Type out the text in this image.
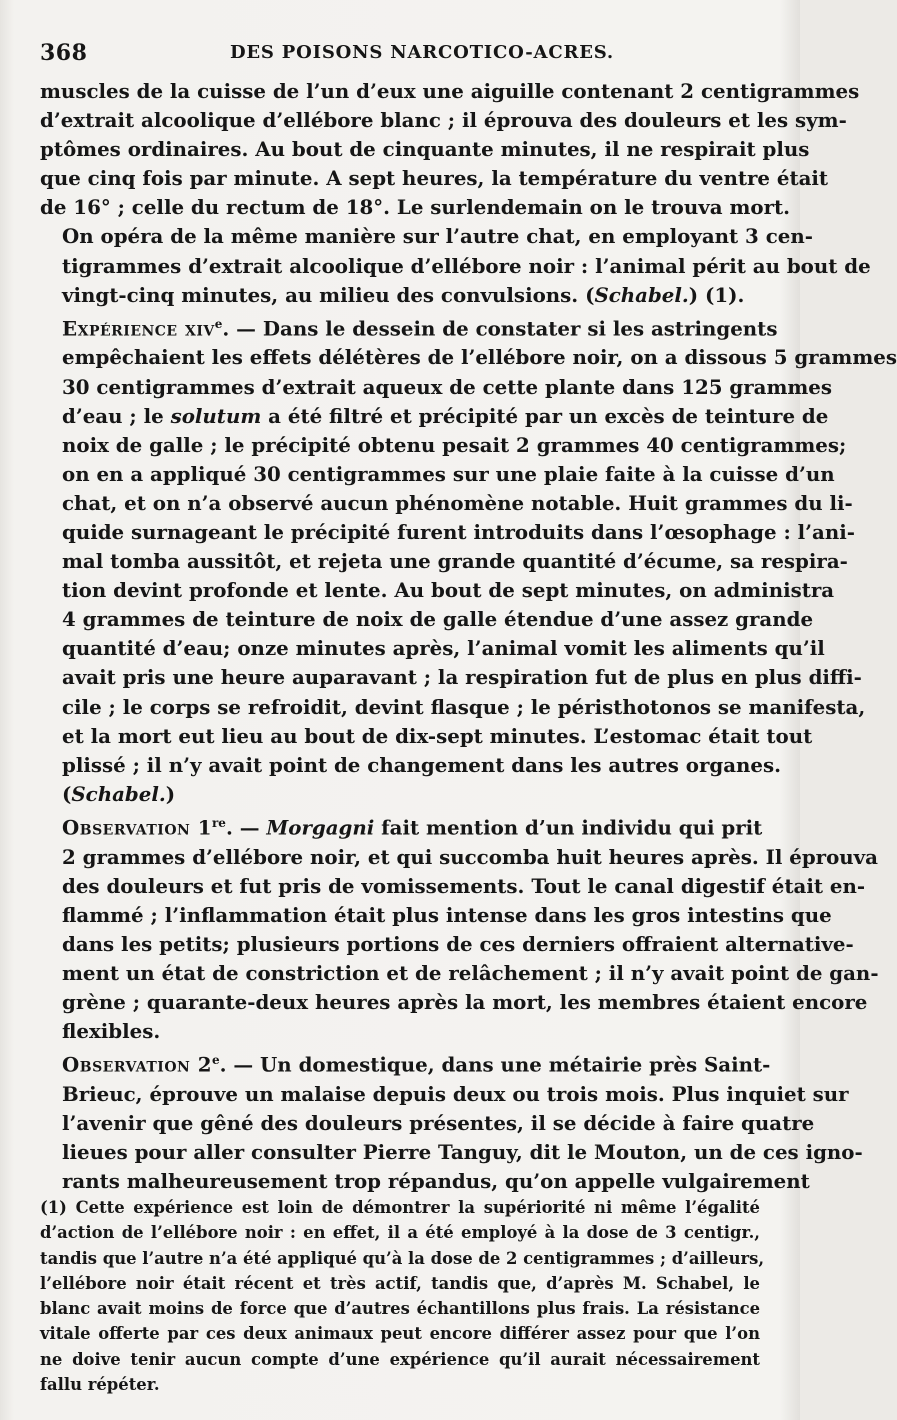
368	DES POISONS NARCOTICO-ACRES.

muscles de la cuisse de l’un d’eux une aiguille contenant 2 centigrammes
d’extrait alcoolique d’ellébore blanc ; il éprouva des douleurs et les sym-
ptômes ordinaires. Au bout de cinquante minutes, il ne respirait plus
que cinq fois par minute. A sept heures, la température du ventre était
de 16° ; celle du rectum de 18°. Le surlendemain on le trouva mort.

On opéra de la même manière sur l’autre chat, en employant 3 cen-
tigrammes d’extrait alcoolique d’ellébore noir : l’animal périt au bout de
vingt-cinq minutes, au milieu des convulsions. (Schabel.) (1).

Expérience xiv$^e$. — Dans le dessein de constater si les astringents
empêchaient les effets délétères de l’ellébore noir, on a dissous 5 grammes
30 centigrammes d’extrait aqueux de cette plante dans 125 grammes
d’eau ; le solutum a été filtré et précipité par un excès de teinture de
noix de galle ; le précipité obtenu pesait 2 grammes 40 centigrammes;
on en a appliqué 30 centigrammes sur une plaie faite à la cuisse d’un
chat, et on n’a observé aucun phénomène notable. Huit grammes du li-
quide surnageant le précipité furent introduits dans l’œsophage : l’ani-
mal tomba aussitôt, et rejeta une grande quantité d’écume, sa respira-
tion devint profonde et lente. Au bout de sept minutes, on administra
4 grammes de teinture de noix de galle étendue d’une assez grande
quantité d’eau; onze minutes après, l’animal vomit les aliments qu’il
avait pris une heure auparavant ; la respiration fut de plus en plus diffi-
cile ; le corps se refroidit, devint flasque ; le péristhotonos se manifesta,
et la mort eut lieu au bout de dix-sept minutes. L’estomac était tout
plissé ; il n’y avait point de changement dans les autres organes.
(Schabel.)

Observation 1re. — Morgagni fait mention d’un individu qui prit
2 grammes d’ellébore noir, et qui succomba huit heures après. Il éprouva
des douleurs et fut pris de vomissements. Tout le canal digestif était en-
flammé ; l’inflammation était plus intense dans les gros intestins que
dans les petits; plusieurs portions de ces derniers offraient alternative-
ment un état de constriction et de relâchement ; il n’y avait point de gan-
grène ; quarante-deux heures après la mort, les membres étaient encore
flexibles.

Observation 2e. — Un domestique, dans une métairie près Saint-
Brieuc, éprouve un malaise depuis deux ou trois mois. Plus inquiet sur
l’avenir que gêné des douleurs présentes, il se décide à faire quatre
lieues pour aller consulter Pierre Tanguy, dit le Mouton, un de ces igno-
rants malheureusement trop répandus, qu’on appelle vulgairement

(1) Cette expérience est loin de démontrer la supériorité ni même l’égalité
d’action de l’ellébore noir : en effet, il a été employé à la dose de 3 centigr.,
tandis que l’autre n’a été appliqué qu’à la dose de 2 centigrammes ; d’ailleurs,
l’ellébore noir était récent et très actif, tandis que, d’après M. Schabel, le
blanc avait moins de force que d’autres échantillons plus frais. La résistance
vitale offerte par ces deux animaux peut encore différer assez pour que l’on
ne doive tenir aucun compte d’une expérience qu’il aurait nécessairement
fallu répéter.
